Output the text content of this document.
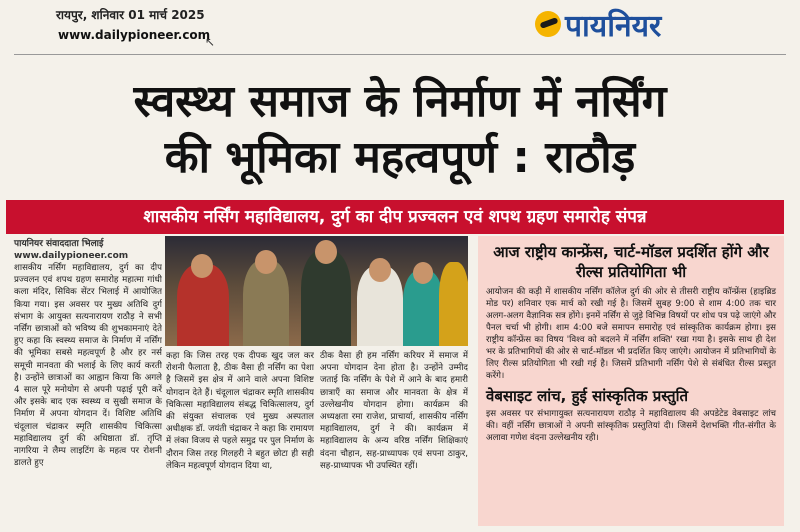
रायपुर, शनिवार 01 मार्च 2025
www.dailypioneer.com
↖	पायनियर
स्वस्थ्य समाज के निर्माण में नर्सिंग
की भूमिका महत्वपूर्ण : राठौड़
शासकीय नर्सिंग महाविद्यालय, दुर्ग का दीप प्रज्वलन एवं शपथ ग्रहण समारोह संपन्न
पायनियर संवाददाता भिलाई
www.dailypioneer.com
शासकीय नर्सिंग महाविद्यालय, दुर्ग का दीप प्रज्वलन एवं शपथ ग्रहण समारोह महात्मा गांधी कला मंदिर, सिविक सेंटर भिलाई में आयोजित किया गया। इस अवसर पर मुख्य अतिथि दुर्ग संभाग के आयुक्त सत्यनारायण राठौड़ ने सभी नर्सिंग छात्राओं को भविष्य की शुभकामनाएं देते हुए कहा कि स्वस्थ्य समाज के निर्माण में नर्सिंग की भूमिका सबसे महत्वपूर्ण है और हर नर्स समूची मानवता की भलाई के लिए कार्य करती है। उन्होंने छात्राओं का आह्वान किया कि अगले 4 साल पूरे मनोयोग से अपनी पढ़ाई पूरी करें और इसके बाद एक स्वस्थ्य व सुखी समाज के निर्माण में अपना योगदान दें। विशिष्ट अतिथि चंदूलाल चंद्राकर स्मृति शासकीय चिकित्सा महाविद्यालय दुर्ग की अधिष्ठाता डॉ. तृप्ति नागरिया ने लैम्प लाइटिंग के महत्व पर रोशनी डालते हुए
कहा कि जिस तरह एक दीपक खुद जल कर रोशनी फैलाता है, ठीक वैसा ही नर्सिंग का पेशा है जिसमें इस क्षेत्र में आने वाले अपना विशिष्ट योगदान देते हैं। चंदूलाल चंद्राकर स्मृति शासकीय चिकित्सा महाविद्यालय संबद्ध चिकित्सालय, दुर्ग की संयुक्त संचालक एवं मुख्य अस्पताल अधीक्षक डॉ. जयंती चंद्राकर ने कहा कि रामायण में लंका विजय से पहले समुद्र पर पुल निर्माण के दौरान जिस तरह गिलहरी ने बहुत छोटा ही सही लेकिन महत्वपूर्ण योगदान दिया था,
ठीक वैसा ही हम नर्सिंग करियर में समाज में अपना योगदान देना होता है। उन्होंने उम्मीद जताई कि नर्सिंग के पेशे में आने के बाद हमारी छात्राएँ का समाज और मानवता के क्षेत्र में उल्लेखनीय योगदान होगा। कार्यक्रम की अध्यक्षता रमा राजेश, प्राचार्या, शासकीय नर्सिंग महाविद्यालय, दुर्ग ने की। कार्यक्रम में महाविद्यालय के अन्य वरिष्ठ नर्सिंग शिक्षिकाएं वंदना चौहान, सह-प्राध्यापक एवं सपना ठाकुर, सह-प्राध्यापक भी उपस्थित रहीं।
आज राष्ट्रीय कान्फ्रेंस, चार्ट-मॉडल प्रदर्शित होंगे और रील्स प्रतियोगिता भी
आयोजन की कड़ी में शासकीय नर्सिंग कॉलेज दुर्ग की ओर से तीसरी राष्ट्रीय कॉन्फ्रेंस (हाइब्रिड मोड पर) शनिवार एक मार्च को रखी गई है। जिसमें सुबह 9:00 से शाम 4:00 तक चार अलग-अलग वैज्ञानिक सत्र होंगे। इनमें नर्सिंग से जुड़े विभिन्न विषयों पर शोध पत्र पढ़े जाएंगे और पैनल चर्चा भी होगी। शाम 4:00 बजे समापन समारोह एवं सांस्कृतिक कार्यक्रम होगा। इस राष्ट्रीय कॉन्फ्रेंस का विषय 'विश्व को बदलने में नर्सिंग शक्ति' रखा गया है। इसके साथ ही देश भर के प्रतिभागियों की ओर से चार्ट-मॉडल भी प्रदर्शित किए जाएंगे। आयोजन में प्रतिभागियों के लिए रील्स प्रतियोगिता भी रखी गई है। जिसमें प्रतिभागी नर्सिंग पेशे से संबंधित रील्स प्रस्तुत करेंगे।
वेबसाइट लांच, हुई सांस्कृतिक प्रस्तुति
इस अवसर पर संभागायुक्त सत्यनारायण राठौड़ ने महाविद्यालय की अपडेटेड वेबसाइट लांच की। वहीं नर्सिंग छात्राओं ने अपनी सांस्कृतिक प्रस्तुतियां दी। जिसमें देशभक्ति गीत-संगीत के अलावा गणेश वंदना उल्लेखनीय रही।
